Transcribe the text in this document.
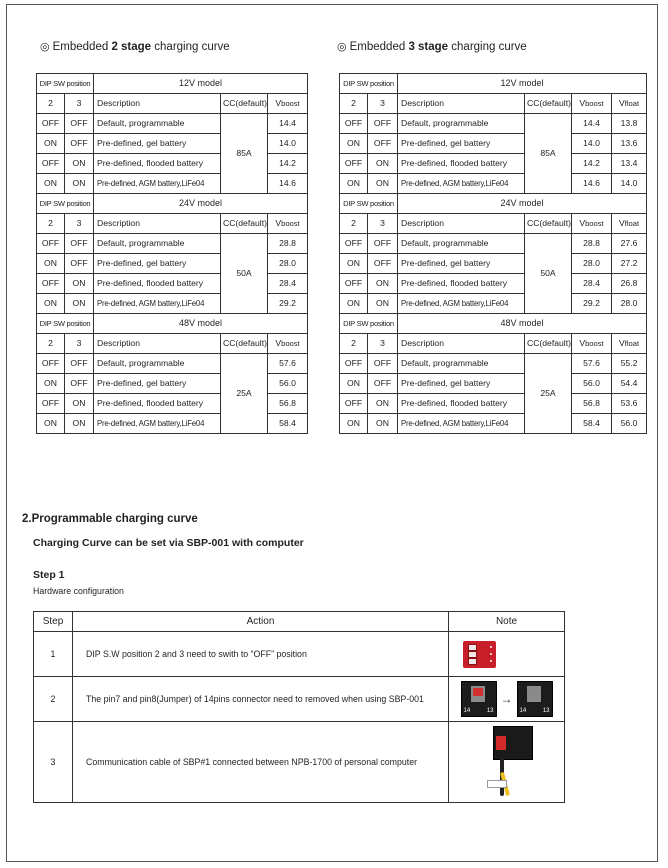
◎ Embedded 2 stage charging curve	◎ Embedded 3 stage charging curve
DIP SW position		12V model		
2	3	Description	CC(default)	Vboost
OFF	OFF	Default, programmable	85A	14.4
ON	OFF	Pre-defined, gel battery		14.0
OFF	ON	Pre-defined, flooded battery		14.2
ON	ON	Pre-defined, AGM battery,LiFe04		14.6
DIP SW position		24V model		
2	3	Description	CC(default)	Vboost
OFF	OFF	Default, programmable	50A	28.8
ON	OFF	Pre-defined, gel battery		28.0
OFF	ON	Pre-defined, flooded battery		28.4
ON	ON	Pre-defined, AGM battery,LiFe04		29.2
DIP SW position		48V model		
2	3	Description	CC(default)	Vboost
OFF	OFF	Default, programmable	25A	57.6
ON	OFF	Pre-defined, gel battery		56.0
OFF	ON	Pre-defined, flooded battery		56.8
ON	ON	Pre-defined, AGM battery,LiFe04		58.4
DIP SW position		12V model			
2	3	Description	CC(default)	Vboost	Vfloat
OFF	OFF	Default, programmable	85A	14.4	13.8
ON	OFF	Pre-defined, gel battery		14.0	13.6
OFF	ON	Pre-defined, flooded battery		14.2	13.4
ON	ON	Pre-defined, AGM battery,LiFe04		14.6	14.0
DIP SW position		24V model			
2	3	Description	CC(default)	Vboost	Vfloat
OFF	OFF	Default, programmable	50A	28.8	27.6
ON	OFF	Pre-defined, gel battery		28.0	27.2
OFF	ON	Pre-defined, flooded battery		28.4	26.8
ON	ON	Pre-defined, AGM battery,LiFe04		29.2	28.0
DIP SW position		48V model			
2	3	Description	CC(default)	Vboost	Vfloat
OFF	OFF	Default, programmable	25A	57.6	55.2
ON	OFF	Pre-defined, gel battery		56.0	54.4
OFF	ON	Pre-defined, flooded battery		56.8	53.6
ON	ON	Pre-defined, AGM battery,LiFe04		58.4	56.0
2.Programmable charging curve
Charging Curve can be set via SBP-001 with computer
Step 1
Hardware configuration
Step	Action	Note
1	DIP S.W position 2 and 3 need to swith to “OFF” position	

2	The pin7 and pin8(Jumper) of 14pins connector need to removed when using SBP-001	14 13
→
14 13

3	Communication cable of SBP#1 connected between NPB-1700 of personal computer	
